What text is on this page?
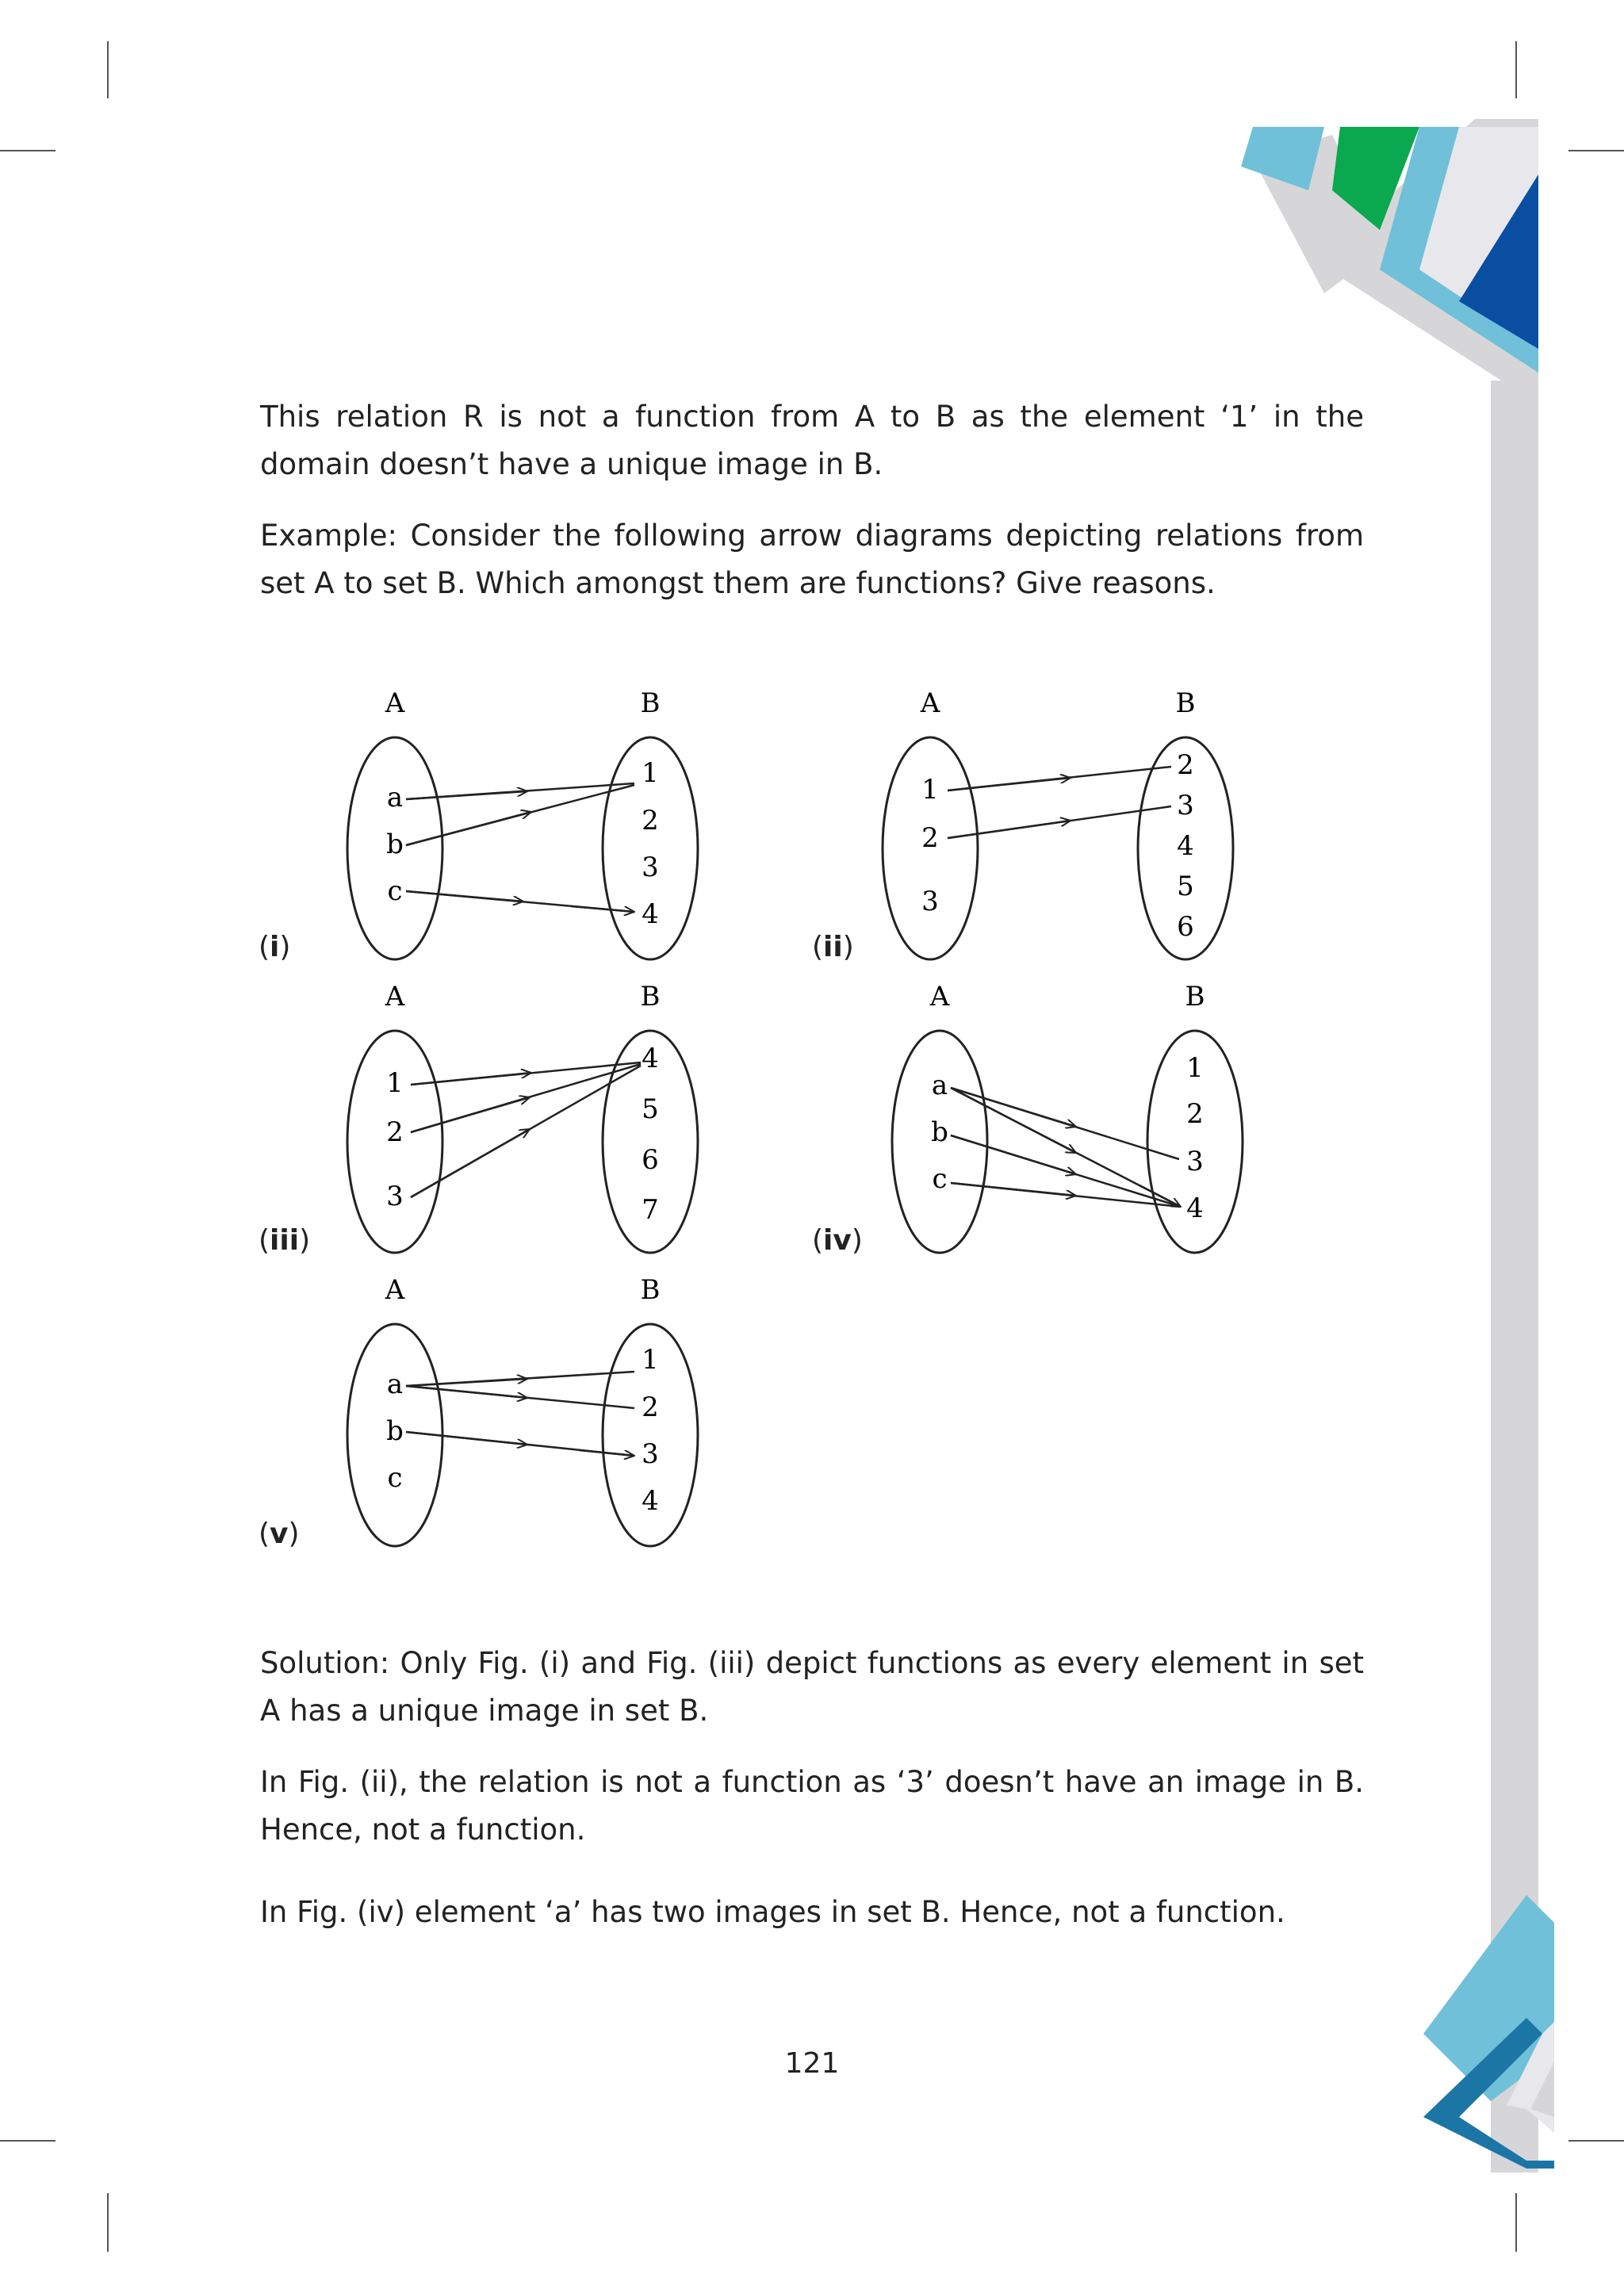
This relation R is not a function from A to B as the element ‘1’ in the domain doesn’t have a unique image in B.
Example: Consider the following arrow diagrams depicting relations from set A to set B. Which amongst them are functions? Give reasons.
A	B
a
b
c
1
2
3
4
(i)
A	B
1
2
3
2
3
4
5
6
(ii)
A	B
1
2
3
4
5
6
7
(iii)
A	B
a
b
c
1
2
3
4
(iv)
A	B
a
b
c
1
2
3
4
(v)
Solution: Only Fig. (i) and Fig. (iii) depict functions as every element in set A has a unique image in set B.
In Fig. (ii), the relation is not a function as ‘3’ doesn’t have an image in B. Hence, not a function.
In Fig. (iv) element ‘a’ has two images in set B. Hence, not a function.
121
